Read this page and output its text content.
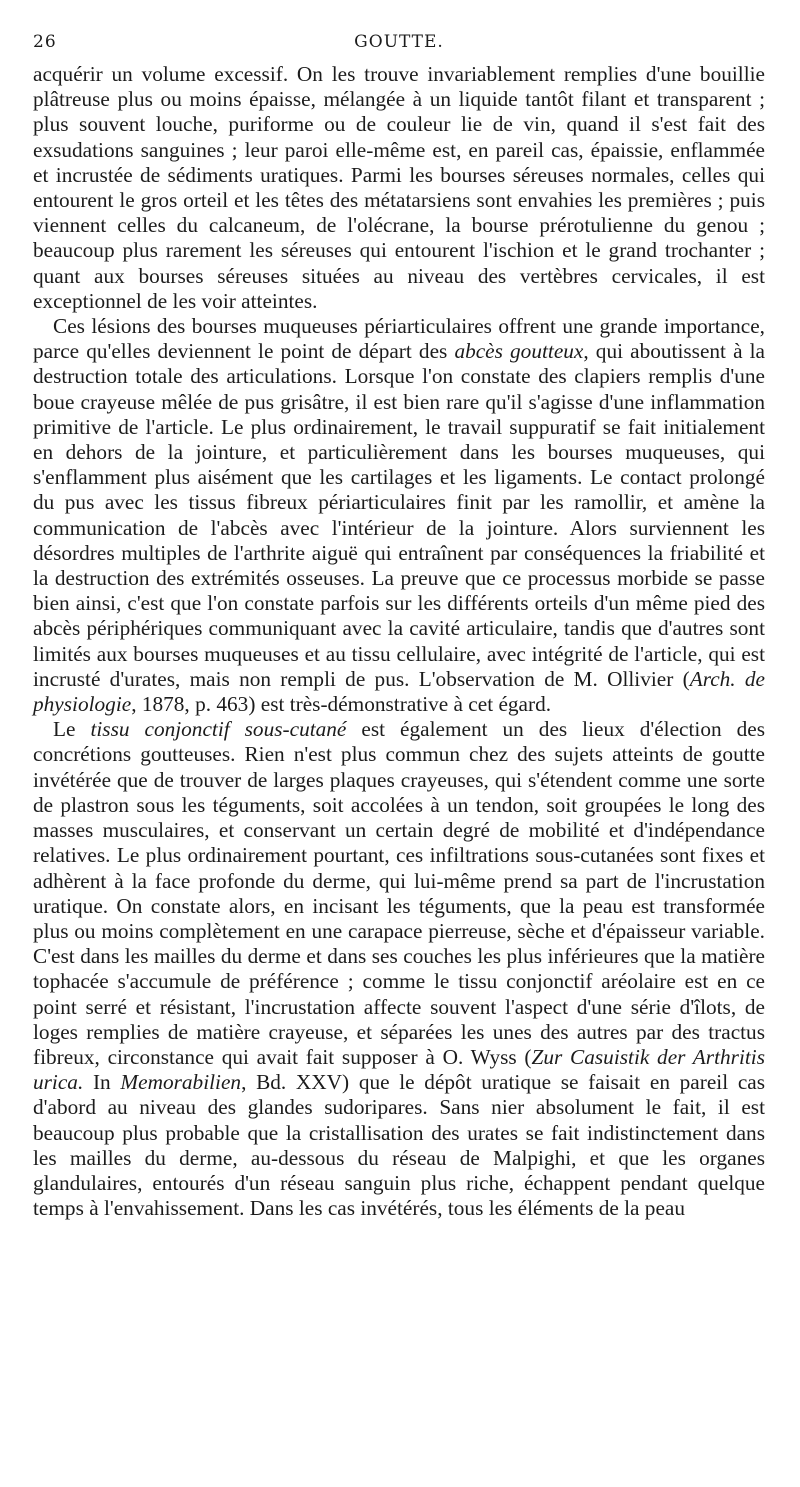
26	GOUTTE.

acquérir un volume excessif. On les trouve invariablement remplies d'une bouillie plâtreuse plus ou moins épaisse, mélangée à un liquide tantôt filant et transparent ; plus souvent louche, puriforme ou de couleur lie de vin, quand il s'est fait des exsudations sanguines ; leur paroi elle-même est, en pareil cas, épaissie, enflammée et incrustée de sédiments uratiques. Parmi les bourses séreuses normales, celles qui entourent le gros orteil et les têtes des métatarsiens sont envahies les premières ; puis viennent celles du calcaneum, de l'olécrane, la bourse prérotulienne du genou ; beaucoup plus rarement les séreuses qui entourent l'ischion et le grand trochanter ; quant aux bourses séreuses situées au niveau des vertèbres cervicales, il est exceptionnel de les voir atteintes.

Ces lésions des bourses muqueuses périarticulaires offrent une grande importance, parce qu'elles deviennent le point de départ des abcès goutteux, qui aboutissent à la destruction totale des articulations. Lorsque l'on constate des clapiers remplis d'une boue crayeuse mêlée de pus grisâtre, il est bien rare qu'il s'agisse d'une inflammation primitive de l'article. Le plus ordinairement, le travail suppuratif se fait initialement en dehors de la jointure, et particulièrement dans les bourses muqueuses, qui s'enflamment plus aisément que les cartilages et les ligaments. Le contact prolongé du pus avec les tissus fibreux périarticulaires finit par les ramollir, et amène la communication de l'abcès avec l'intérieur de la jointure. Alors surviennent les désordres multiples de l'arthrite aiguë qui entraînent par conséquences la friabilité et la destruction des extrémités osseuses. La preuve que ce processus morbide se passe bien ainsi, c'est que l'on constate parfois sur les différents orteils d'un même pied des abcès périphériques communiquant avec la cavité articulaire, tandis que d'autres sont limités aux bourses muqueuses et au tissu cellulaire, avec intégrité de l'article, qui est incrusté d'urates, mais non rempli de pus. L'observation de M. Ollivier (Arch. de physiologie, 1878, p. 463) est très-démonstrative à cet égard.

Le tissu conjonctif sous-cutané est également un des lieux d'élection des concrétions goutteuses. Rien n'est plus commun chez des sujets atteints de goutte invétérée que de trouver de larges plaques crayeuses, qui s'étendent comme une sorte de plastron sous les téguments, soit accolées à un tendon, soit groupées le long des masses musculaires, et conservant un certain degré de mobilité et d'indépendance relatives. Le plus ordinairement pourtant, ces infiltrations sous-cutanées sont fixes et adhèrent à la face profonde du derme, qui lui-même prend sa part de l'incrustation uratique. On constate alors, en incisant les téguments, que la peau est transformée plus ou moins complètement en une carapace pierreuse, sèche et d'épaisseur variable. C'est dans les mailles du derme et dans ses couches les plus inférieures que la matière tophacée s'accumule de préférence ; comme le tissu conjonctif aréolaire est en ce point serré et résistant, l'incrustation affecte souvent l'aspect d'une série d'îlots, de loges remplies de matière crayeuse, et séparées les unes des autres par des tractus fibreux, circonstance qui avait fait supposer à O. Wyss (Zur Casuistik der Arthritis urica. In Memorabilien, Bd. XXV) que le dépôt uratique se faisait en pareil cas d'abord au niveau des glandes sudoripares. Sans nier absolument le fait, il est beaucoup plus probable que la cristallisation des urates se fait indistinctement dans les mailles du derme, au-dessous du réseau de Malpighi, et que les organes glandulaires, entourés d'un réseau sanguin plus riche, échappent pendant quelque temps à l'envahissement. Dans les cas invétérés, tous les éléments de la peau
